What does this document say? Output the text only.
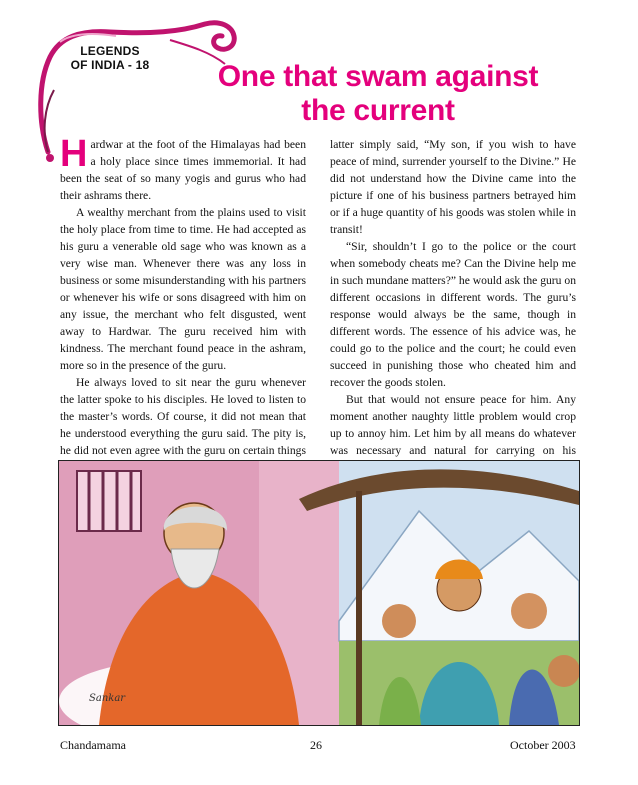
LEGENDS
OF INDIA - 18	One that swam against
the current

Hardwar at the foot of the Himalayas had been a holy place since times immemorial. It had been the seat of so many yogis and gurus who had their ashrams there.

A wealthy merchant from the plains used to visit the holy place from time to time. He had accepted as his guru a venerable old sage who was known as a very wise man. Whenever there was any loss in business or some misunderstanding with his partners or whenever his wife or sons disagreed with him on any issue, the merchant who felt disgusted, went away to Hardwar. The guru received him with kindness. The merchant found peace in the ashram, more so in the presence of the guru.

He always loved to sit near the guru whenever the latter spoke to his disciples. He loved to listen to the master’s words. Of course, it did not mean that he understood everything the guru said. The pity is, he did not even agree with the guru on certain things

latter simply said, “My son, if you wish to have peace of mind, surrender yourself to the Divine.” He did not understand how the Divine came into the picture if one of his business partners betrayed him or if a huge quantity of his goods was stolen while in transit!

“Sir, shouldn’t I go to the police or the court when somebody cheats me? Can the Divine help me in such mundane matters?” he would ask the guru on different occasions in different words. The guru’s response would always be the same, though in different words. The essence of his advice was, he could go to the police and the court; he could even succeed in punishing those who cheated him and recover the goods stolen.

But that would not ensure peace for him. Any moment another naughty little problem would crop up to annoy him. Let him by all means do whatever was necessary and natural for carrying on his

Sankar
Chandamama	26	October 2003
